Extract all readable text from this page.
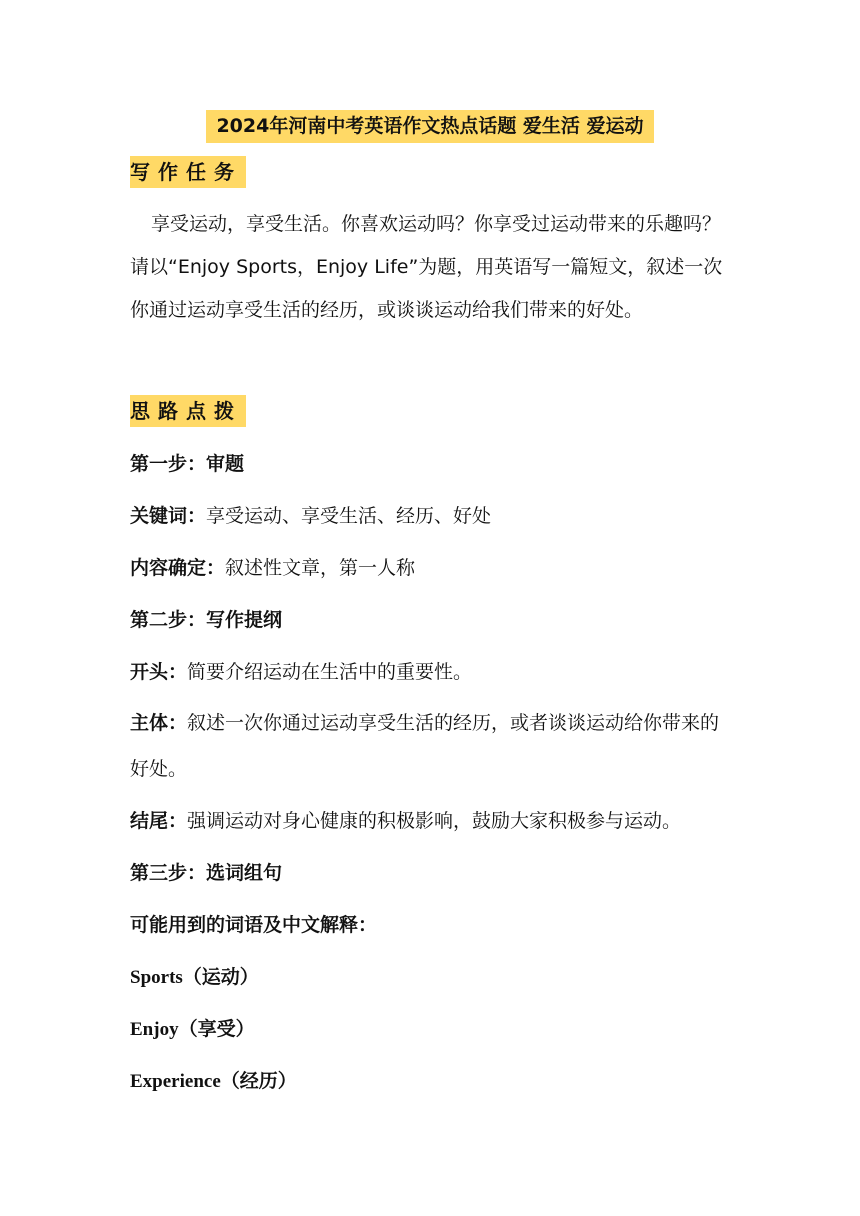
2024年河南中考英语作文热点话题 爱生活 爱运动
写作任务
享受运动，享受生活。你喜欢运动吗？你享受过运动带来的乐趣吗？请以“Enjoy Sports，Enjoy Life”为题，用英语写一篇短文，叙述一次你通过运动享受生活的经历，或谈谈运动给我们带来的好处。
思路点拨
第一步：审题
关键词：享受运动、享受生活、经历、好处
内容确定：叙述性文章，第一人称
第二步：写作提纲
开头：简要介绍运动在生活中的重要性。
主体：叙述一次你通过运动享受生活的经历，或者谈谈运动给你带来的好处。
结尾：强调运动对身心健康的积极影响，鼓励大家积极参与运动。
第三步：选词组句
可能用到的词语及中文解释：
Sports（运动）
Enjoy（享受）
Experience（经历）
